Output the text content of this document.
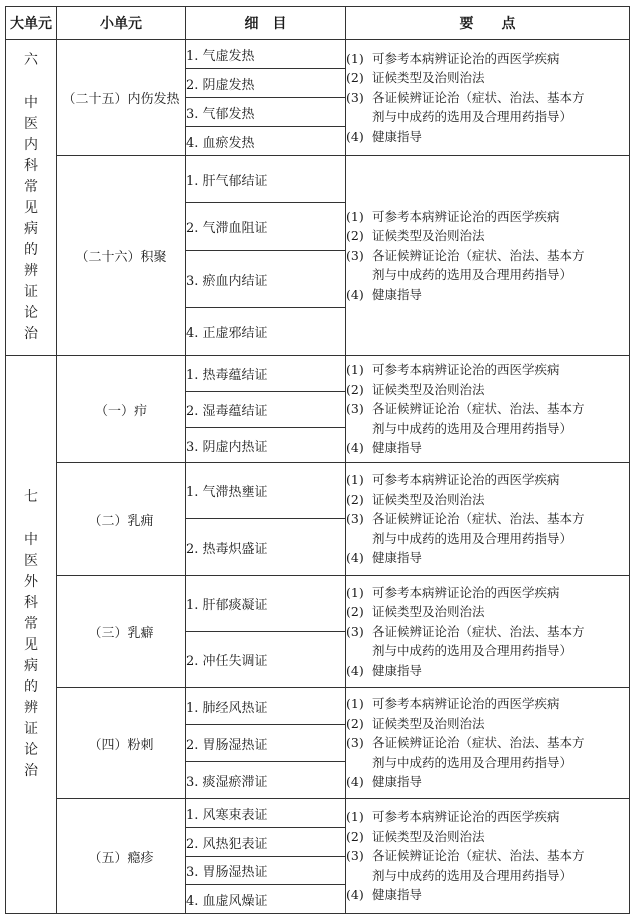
大单元	小单元	细　目	要　　点

六
中医内科常见病的辨证论治	（二十五）内伤发热	1. 气虚发热	(1) 可参考本病辨证论治的西医学疾病
(2) 证候类型及治则治法
(3) 各证候辨证论治（症状、治法、基本方
剂与中成药的选用及合理用药指导）
(4) 健康指导

		2. 阴虚发热	
		3. 气郁发热	
		4. 血瘀发热	
	（二十六）积聚	1. 肝气郁结证	(1) 可参考本病辨证论治的西医学疾病
(2) 证候类型及治则治法
(3) 各证候辨证论治（症状、治法、基本方
剂与中成药的选用及合理用药指导）
(4) 健康指导

		2. 气滞血阻证	
		3. 瘀血内结证	
		4. 正虚邪结证	

七
中医外科常见病的辨证论治	（一）疖	1. 热毒蕴结证	(1) 可参考本病辨证论治的西医学疾病
(2) 证候类型及治则治法
(3) 各证候辨证论治（症状、治法、基本方
剂与中成药的选用及合理用药指导）
(4) 健康指导

		2. 湿毒蕴结证	
		3. 阴虚内热证	
	（二）乳痈	1. 气滞热壅证	(1) 可参考本病辨证论治的西医学疾病
(2) 证候类型及治则治法
(3) 各证候辨证论治（症状、治法、基本方
剂与中成药的选用及合理用药指导）
(4) 健康指导

		2. 热毒炽盛证	
	（三）乳癖	1. 肝郁痰凝证	(1) 可参考本病辨证论治的西医学疾病
(2) 证候类型及治则治法
(3) 各证候辨证论治（症状、治法、基本方
剂与中成药的选用及合理用药指导）
(4) 健康指导

		2. 冲任失调证	
	（四）粉刺	1. 肺经风热证	(1) 可参考本病辨证论治的西医学疾病
(2) 证候类型及治则治法
(3) 各证候辨证论治（症状、治法、基本方
剂与中成药的选用及合理用药指导）
(4) 健康指导

		2. 胃肠湿热证	
		3. 痰湿瘀滞证	
	（五）瘾疹	1. 风寒束表证	(1) 可参考本病辨证论治的西医学疾病
(2) 证候类型及治则治法
(3) 各证候辨证论治（症状、治法、基本方
剂与中成药的选用及合理用药指导）
(4) 健康指导

		2. 风热犯表证	
		3. 胃肠湿热证	
		4. 血虚风燥证	
